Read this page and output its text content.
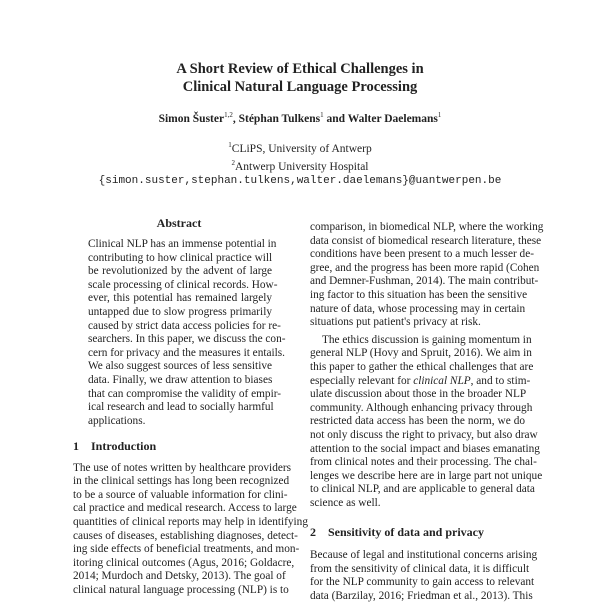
A Short Review of Ethical Challenges in
Clinical Natural Language Processing
Simon Šuster$^{1,2}$, Stéphan Tulkens$^1$ and Walter Daelemans$^1$
$^1$CLiPS, University of Antwerp
$^2$Antwerp University Hospital
{simon.suster,stephan.tulkens,walter.daelemans}@uantwerpen.be
Abstract
Clinical NLP has an immense potential in
contributing to how clinical practice will
be revolutionized by the advent of large
scale processing of clinical records. How-
ever, this potential has remained largely
untapped due to slow progress primarily
caused by strict data access policies for re-
searchers. In this paper, we discuss the con-
cern for privacy and the measures it entails.
We also suggest sources of less sensitive
data. Finally, we draw attention to biases
that can compromise the validity of empir-
ical research and lead to socially harmful
applications.
1 Introduction
The use of notes written by healthcare providers
in the clinical settings has long been recognized
to be a source of valuable information for clini-
cal practice and medical research. Access to large
quantities of clinical reports may help in identifying
causes of diseases, establishing diagnoses, detect-
ing side effects of beneficial treatments, and mon-
itoring clinical outcomes (Agus, 2016; Goldacre,
2014; Murdoch and Detsky, 2013). The goal of
clinical natural language processing (NLP) is to
comparison, in biomedical NLP, where the working
data consist of biomedical research literature, these
conditions have been present to a much lesser de-
gree, and the progress has been more rapid (Cohen
and Demner-Fushman, 2014). The main contribut-
ing factor to this situation has been the sensitive
nature of data, whose processing may in certain
situations put patient's privacy at risk.
The ethics discussion is gaining momentum in
general NLP (Hovy and Spruit, 2016). We aim in
this paper to gather the ethical challenges that are
especially relevant for clinical NLP, and to stim-
ulate discussion about those in the broader NLP
community. Although enhancing privacy through
restricted data access has been the norm, we do
not only discuss the right to privacy, but also draw
attention to the social impact and biases emanating
from clinical notes and their processing. The chal-
lenges we describe here are in large part not unique
to clinical NLP, and are applicable to general data
science as well.
2 Sensitivity of data and privacy
Because of legal and institutional concerns arising
from the sensitivity of clinical data, it is difficult
for the NLP community to gain access to relevant
data (Barzilay, 2016; Friedman et al., 2013). This
